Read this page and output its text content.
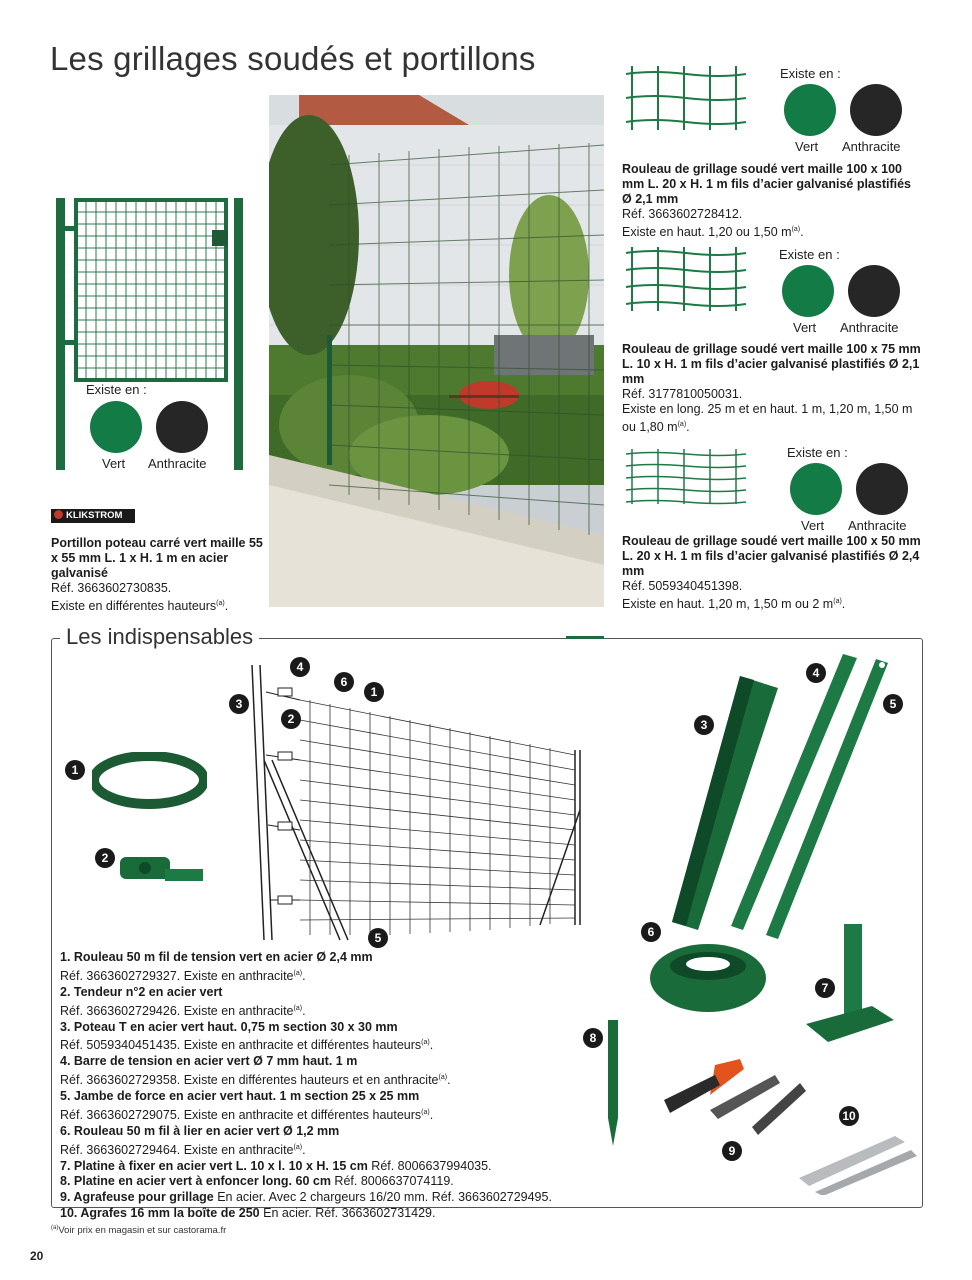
Les grillages soudés et portillons
Existe en :
Vert Anthracite
KLIKSTROM
Portillon poteau carré vert maille 55 x 55 mm L. 1 x H. 1 m en acier galvanisé
Réf. 3663602730835.
Existe en différentes hauteurs$^{(a)}$.
Existe en :
Vert Anthracite
Rouleau de grillage soudé vert maille 100 x 100 mm L. 20 x H. 1 m fils d’acier galvanisé plastifiés Ø 2,1 mm
Réf. 3663602728412.
Existe en haut. 1,20 ou 1,50 $m^{(a)}$.
Existe en :
Vert Anthracite
Rouleau de grillage soudé vert maille 100 x 75 mm L. 10 x H. 1 m fils d’acier galvanisé plastifiés Ø 2,1 mm
Réf. 3177810050031.
Existe en long. 25 m et en haut. 1 m, 1,20 m, 1,50 m ou 1,80 $m^{(a)}$.
Existe en :
Vert Anthracite
Rouleau de grillage soudé vert maille 100 x 50 mm L. 20 x H. 1 m fils d’acier galvanisé plastifiés Ø 2,4 mm
Réf. 5059340451398.
Existe en haut. 1,20 m, 1,50 m ou 2 $m^{(a)}$.
Les indispensables
4
6
1
3
2
5
1
2
3
4
5
6
7
8
9
10
1. Rouleau 50 m fil de tension vert en acier Ø 2,4 mm
Réf. 3663602729327. Existe en anthracite$^{(a)}$.
2. Tendeur n°2 en acier vert
Réf. 3663602729426. Existe en anthracite$^{(a)}$.
3. Poteau T en acier vert haut. 0,75 m section 30 x 30 mm
Réf. 5059340451435. Existe en anthracite et différentes hauteurs$^{(a)}$.
4. Barre de tension en acier vert Ø 7 mm haut. 1 m
Réf. 3663602729358. Existe en différentes hauteurs et en anthracite$^{(a)}$.
5. Jambe de force en acier vert haut. 1 m section 25 x 25 mm
Réf. 3663602729075. Existe en anthracite et différentes hauteurs$^{(a)}$.
6. Rouleau 50 m fil à lier en acier vert Ø 1,2 mm
Réf. 3663602729464. Existe en anthracite$^{(a)}$.
7. Platine à fixer en acier vert L. 10 x l. 10 x H. 15 cm Réf. 8006637994035.
8. Platine en acier vert à enfoncer long. 60 cm Réf. 8006637074119.
9. Agrafeuse pour grillage En acier. Avec 2 chargeurs 16/20 mm. Réf. 3663602729495.
10. Agrafes 16 mm la boîte de 250 En acier. Réf. 3663602731429.
$^{(a)}$Voir prix en magasin et sur castorama.fr
20
